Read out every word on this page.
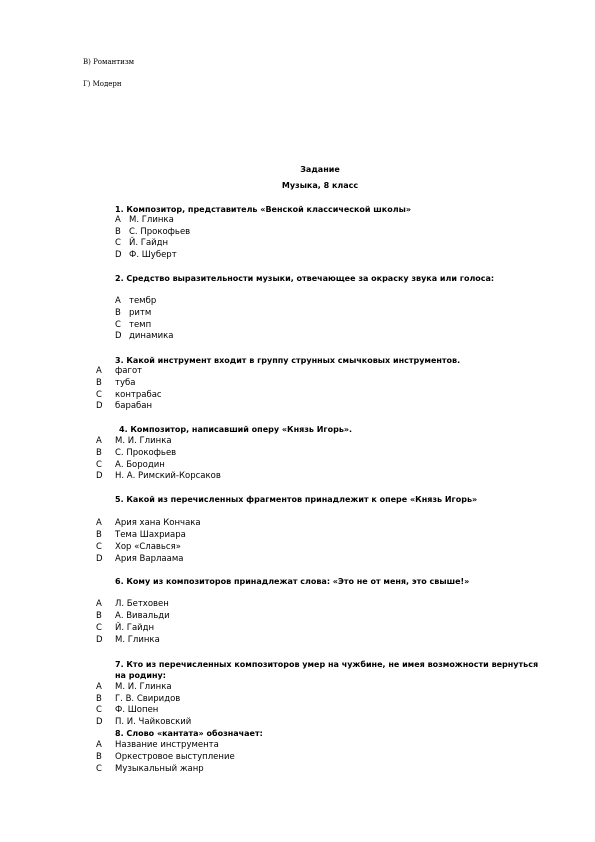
В) Романтизм
Г) Модерн
Задание
Музыка, 8 класс
1. Композитор, представитель «Венской классической школы»
А М. Глинка
В С. Прокофьев
С Й. Гайдн
D Ф. Шуберт
2. Средство выразительности музыки, отвечающее за окраску звука или голоса:
А тембр
В ритм
С темп
D динамика
3. Какой инструмент входит в группу струнных смычковых инструментов.
А фагот
В туба
С контрабас
D барабан
4. Композитор, написавший оперу «Князь Игорь».
А М. И. Глинка
В С. Прокофьев
С А. Бородин
D Н. А. Римский-Корсаков
5. Какой из перечисленных фрагментов принадлежит к опере «Князь Игорь»
А Ария хана Кончака
В Тема Шахриара
С Хор «Славься»
D Ария Варлаама
6. Кому из композиторов принадлежат слова: «Это не от меня, это свыше!»
А Л. Бетховен
В А. Вивальди
С Й. Гайдн
D М. Глинка
7. Кто из перечисленных композиторов умер на чужбине, не имея возможности вернуться на родину:
А М. И. Глинка
В Г. В. Свиридов
С Ф. Шопен
D П. И. Чайковский
8. Слово «кантата» обозначает:
А Название инструмента
В Оркестровое выступление
С Музыкальный жанр
